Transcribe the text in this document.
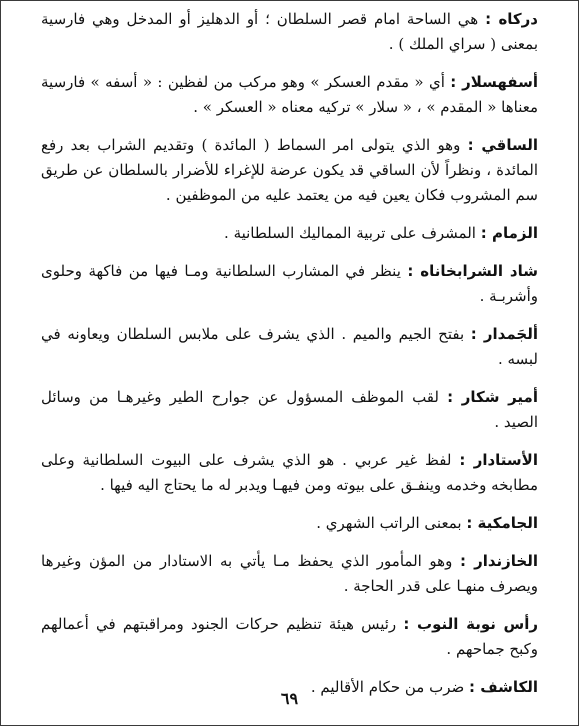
دركاه : هي الساحة امام قصر السلطان ؛ أو الدهليز أو المدخل وهي فارسية بمعنى ( سراي الملك ) .

أسفهسلار : أي « مقدم العسكر » وهو مركب من لفظين : « أسفه » فارسية معناها « المقدم » ، « سلار » تركيه معناه « العسكر » .

الساقي : وهو الذي يتولى امر السماط ( المائدة ) وتقديم الشراب بعد رفع المائدة ، ونظراً لأن الساقي قد يكون عرضة للإغراء للأضرار بالسلطان عن طريق سم المشروب فكان يعين فيه من يعتمد عليه من الموظفين .

الزمام : المشرف على تربية المماليك السلطانية .

شاد الشرابخاناه : ينظر في المشارب السلطانية ومـا فيها من فاكهة وحلوى وأشربـة .

ألجَمدار : بفتح الجيم والميم . الذي يشرف على ملابس السلطان ويعاونه في لبسه .

أمير شكار : لقب الموظف المسؤول عن جوارح الطير وغيرهـا من وسائل الصيد .

الأستادار : لفظ غير عربي . هو الذي يشرف على البيوت السلطانية وعلى مطابخه وخدمه وينفـق على بيوته ومن فيهـا ويدبر له ما يحتاج اليه فيها .

الجامكية : بمعنى الراتب الشهري .

الخازندار : وهو المأمور الذي يحفظ مـا يأتي به الاستادار من المؤن وغيرها ويصرف منهـا على قدر الحاجة .

رأس نوبة النوب : رئيس هيئة تنظيم حركات الجنود ومراقبتهم في أعمالهم وكبح جماحهم .

الكاشف : ضرب من حكام الأقاليم .

٦٩
